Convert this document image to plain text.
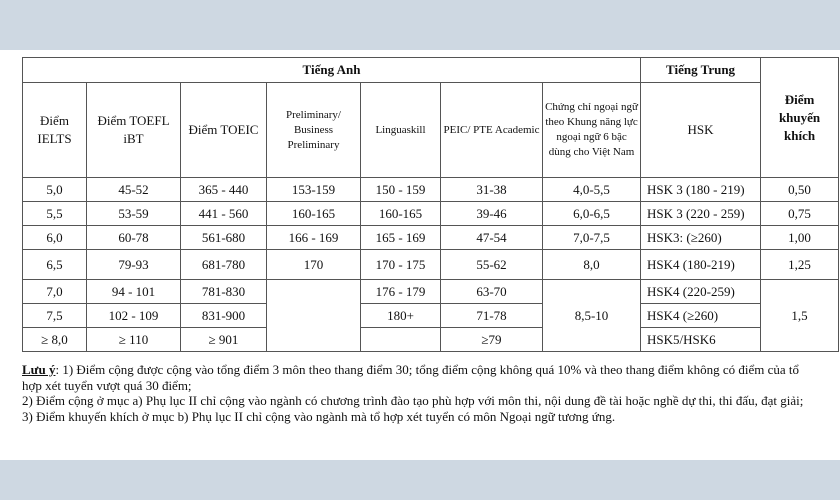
Tiếng Anh							Tiếng Trung	Điểm khuyến khích
Điểm IELTS	Điểm TOEFL iBT	Điểm TOEIC	Preliminary/ Business Preliminary	Linguaskill	PEIC/ PTE Academic	Chứng chỉ ngoại ngữ theo Khung năng lực ngoại ngữ 6 bậc dùng cho Việt Nam	HSK	
5,0	45-52	365 - 440	153-159	150 - 159	31-38	4,0-5,5	HSK 3 (180 - 219)	0,50
5,5	53-59	441 - 560	160-165	160-165	39-46	6,0-6,5	HSK 3 (220 - 259)	0,75
6,0	60-78	561-680	166 - 169	165 - 169	47-54	7,0-7,5	HSK3: (≥260)	1,00
6,5	79-93	681-780	170	170 - 175	55-62	8,0	HSK4 (180-219)	1,25
7,0	94 - 101	781-830		176 - 179	63-70	8,5-10	HSK4 (220-259)	1,5
7,5	102 - 109	831-900		180+	71-78		HSK4 (≥260)	
≥ 8,0	≥ 110	≥ 901			≥79		HSK5/HSK6	

Lưu ý: 1) Điểm cộng được cộng vào tổng điểm 3 môn theo thang điểm 30; tổng điểm cộng không quá 10% và theo thang điểm không có điểm của tổ hợp xét tuyển vượt quá 30 điểm;

2) Điểm cộng ở mục a) Phụ lục II chỉ cộng vào ngành có chương trình đào tạo phù hợp với môn thi, nội dung đề tài hoặc nghề dự thi, thi đấu, đạt giải;

3) Điểm khuyến khích ở mục b) Phụ lục II chỉ cộng vào ngành mà tổ hợp xét tuyển có môn Ngoại ngữ tương ứng.
